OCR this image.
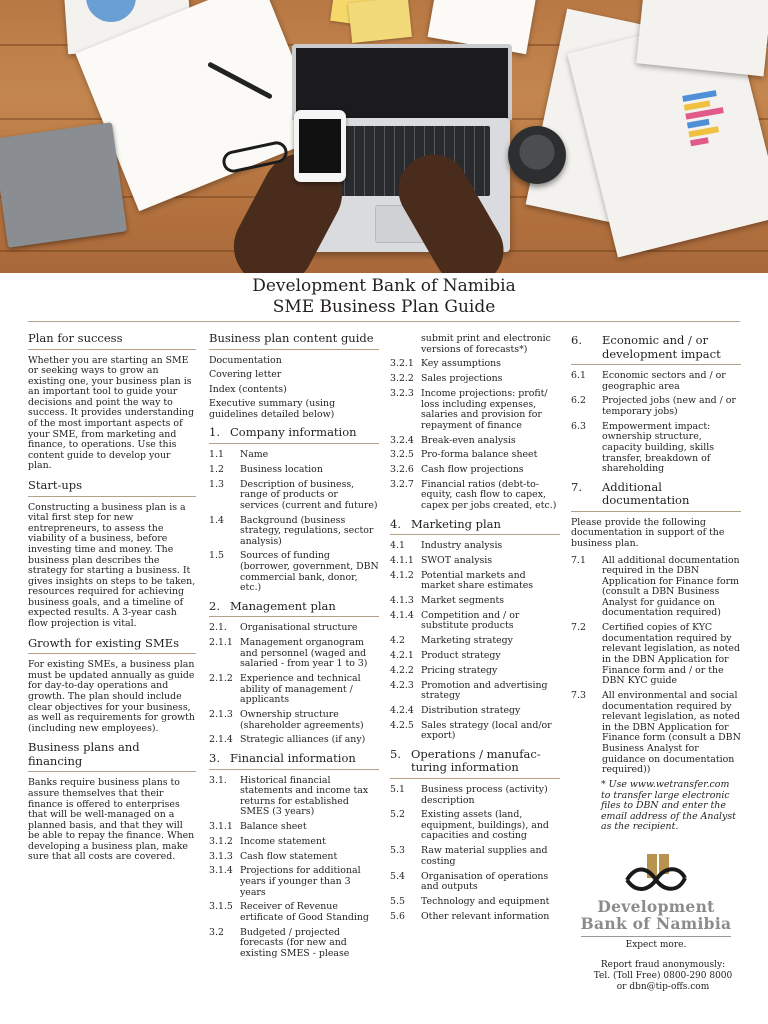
Development Bank of Namibia
SME Business Plan Guide
Plan for success

Whether you are starting an SME or seeking ways to grow an existing one, your business plan is an important tool to guide your decisions and point the way to success. It provides understanding of the most important aspects of your SME, from marketing and finance, to operations. Use this content guide to develop your plan.

Start-ups

Constructing a business plan is a vital first step for new entrepreneurs, to assess the viability of a business, before investing time and money. The business plan describes the strategy for starting a business. It gives insights on steps to be taken, resources required for achieving business goals, and a timeline of expected results. A 3-year cash flow projection is vital.

Growth for existing SMEs

For existing SMEs, a business plan must be updated annually as guide for day-to-day operations and growth. The plan should include clear objectives for your business, as well as requirements for growth (including new employees).

Business plans and financing

Banks require business plans to assure themselves that their finance is offered to enterprises that will be well-managed on a planned basis, and that they will be able to repay the finance. When developing a business plan, make sure that all costs are covered.

Business plan content guide
Documentation
Covering letter
Index (contents)
Executive summary (using guidelines detailed below)
1. Company information
1.1	Name
1.2	Business location
1.3	Description of business, range of products or services (current and future)
1.4	Background (business strategy, regulations, sector analysis)
1.5	Sources of funding (borrower, government, DBN commercial bank, donor, etc.)
2. Management plan
2.1.	Organisational structure
2.1.1 Management organogram and personnel (waged and salaried - from year 1 to 3)
2.1.2 Experience and technical ability of management / applicants
2.1.3 Ownership structure (shareholder agreements)
2.1.4 Strategic alliances (if any)
3. Financial information
3.1.	Historical financial statements and income tax returns for established SMES (3 years)
3.1.1 Balance sheet
3.1.2 Income statement
3.1.3 Cash flow statement
3.1.4 Projections for additional years if younger than 3 years
3.1.5 Receiver of Revenue ertificate of Good Standing
3.2	Budgeted / projected forecasts (for new and existing SMES - please
submit print and electronic versions of forecasts*)
3.2.1 Key assumptions
3.2.2 Sales projections
3.2.3 Income projections: profit/ loss including expenses, salaries and provision for repayment of finance
3.2.4 Break-even analysis
3.2.5 Pro-forma balance sheet
3.2.6 Cash flow projections
3.2.7 Financial ratios (debt-to-equity, cash flow to capex, capex per jobs created, etc.)
4. Marketing plan
4.1	Industry analysis
4.1.1 SWOT analysis
4.1.2 Potential markets and market share estimates
4.1.3 Market segments
4.1.4 Competition and / or substitute products
4.2	Marketing strategy
4.2.1 Product strategy
4.2.2 Pricing strategy
4.2.3 Promotion and advertising strategy
4.2.4 Distribution strategy
4.2.5 Sales strategy (local and/or export)
5. Operations / manufac-turing information
5.1	Business process (activity) description
5.2	Existing assets (land, equipment, buildings), and capacities and costing
5.3	Raw material supplies and costing
5.4	Organisation of operations and outputs
5.5	Technology and equipment
5.6	Other relevant information
6.	Economic and / or development impact
6.1	Economic sectors and / or geographic area
6.2	Projected jobs (new and / or temporary jobs)
6.3	Empowerment impact: ownership structure, capacity building, skills transfer, breakdown of shareholding
7.	Additional documentation
Please provide the following documentation in support of the business plan.
7.1	All additional documentation required in the DBN Application for Finance form (consult a DBN Business Analyst for guidance on documentation required)
7.2	Certified copies of KYC documentation required by relevant legislation, as noted in the DBN Application for Finance form and / or the DBN KYC guide
7.3	All environmental and social documentation required by relevant legislation, as noted in the DBN Application for Finance form (consult a DBN Business Analyst for guidance on documentation required))
* Use www.wetransfer.com to transfer large electronic files to DBN and enter the email address of the Analyst as the recipient.
Development
Bank of Namibia
Expect more.
Report fraud anonymously:
Tel. (Toll Free) 0800-290 8000
or dbn@tip-offs.com
